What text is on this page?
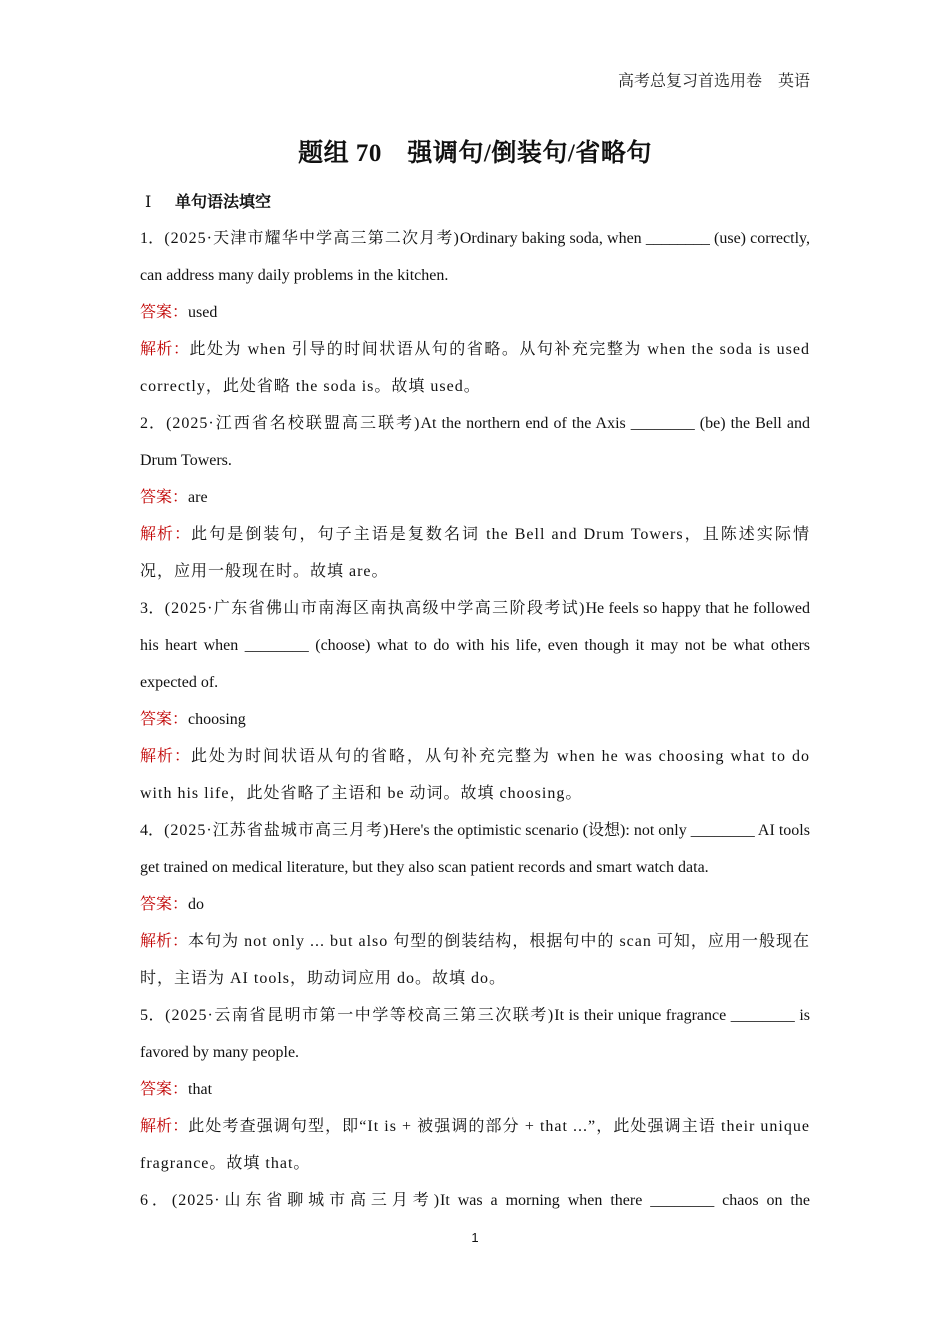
高考总复习首选用卷　英语
题组 70　强调句/倒装句/省略句
Ⅰ 单句语法填空
1．(2025·天津市耀华中学高三第二次月考)Ordinary baking soda, when ________ (use) correctly, can address many daily problems in the kitchen.
答案：used
解析：此处为 when 引导的时间状语从句的省略。从句补充完整为 when the soda is used correctly，此处省略 the soda is。故填 used。
2．(2025·江西省名校联盟高三联考)At the northern end of the Axis ________ (be) the Bell and Drum Towers.
答案：are
解析：此句是倒装句，句子主语是复数名词 the Bell and Drum Towers，且陈述实际情况，应用一般现在时。故填 are。
3．(2025·广东省佛山市南海区南执高级中学高三阶段考试)He feels so happy that he followed his heart when ________ (choose) what to do with his life, even though it may not be what others expected of.
答案：choosing
解析：此处为时间状语从句的省略，从句补充完整为 when he was choosing what to do with his life，此处省略了主语和 be 动词。故填 choosing。
4．(2025·江苏省盐城市高三月考)Here's the optimistic scenario (设想): not only ________ AI tools get trained on medical literature, but they also scan patient records and smart watch data.
答案：do
解析：本句为 not only ... but also 句型的倒装结构，根据句中的 scan 可知，应用一般现在时，主语为 AI tools，助动词应用 do。故填 do。
5．(2025·云南省昆明市第一中学等校高三第三次联考)It is their unique fragrance ________ is favored by many people.
答案：that
解析：此处考查强调句型，即“It is + 被强调的部分 + that ...”，此处强调主语 their unique fragrance。故填 that。
6．(2025·山东省聊城市高三月考)It was a morning when there ________ chaos on the
1
